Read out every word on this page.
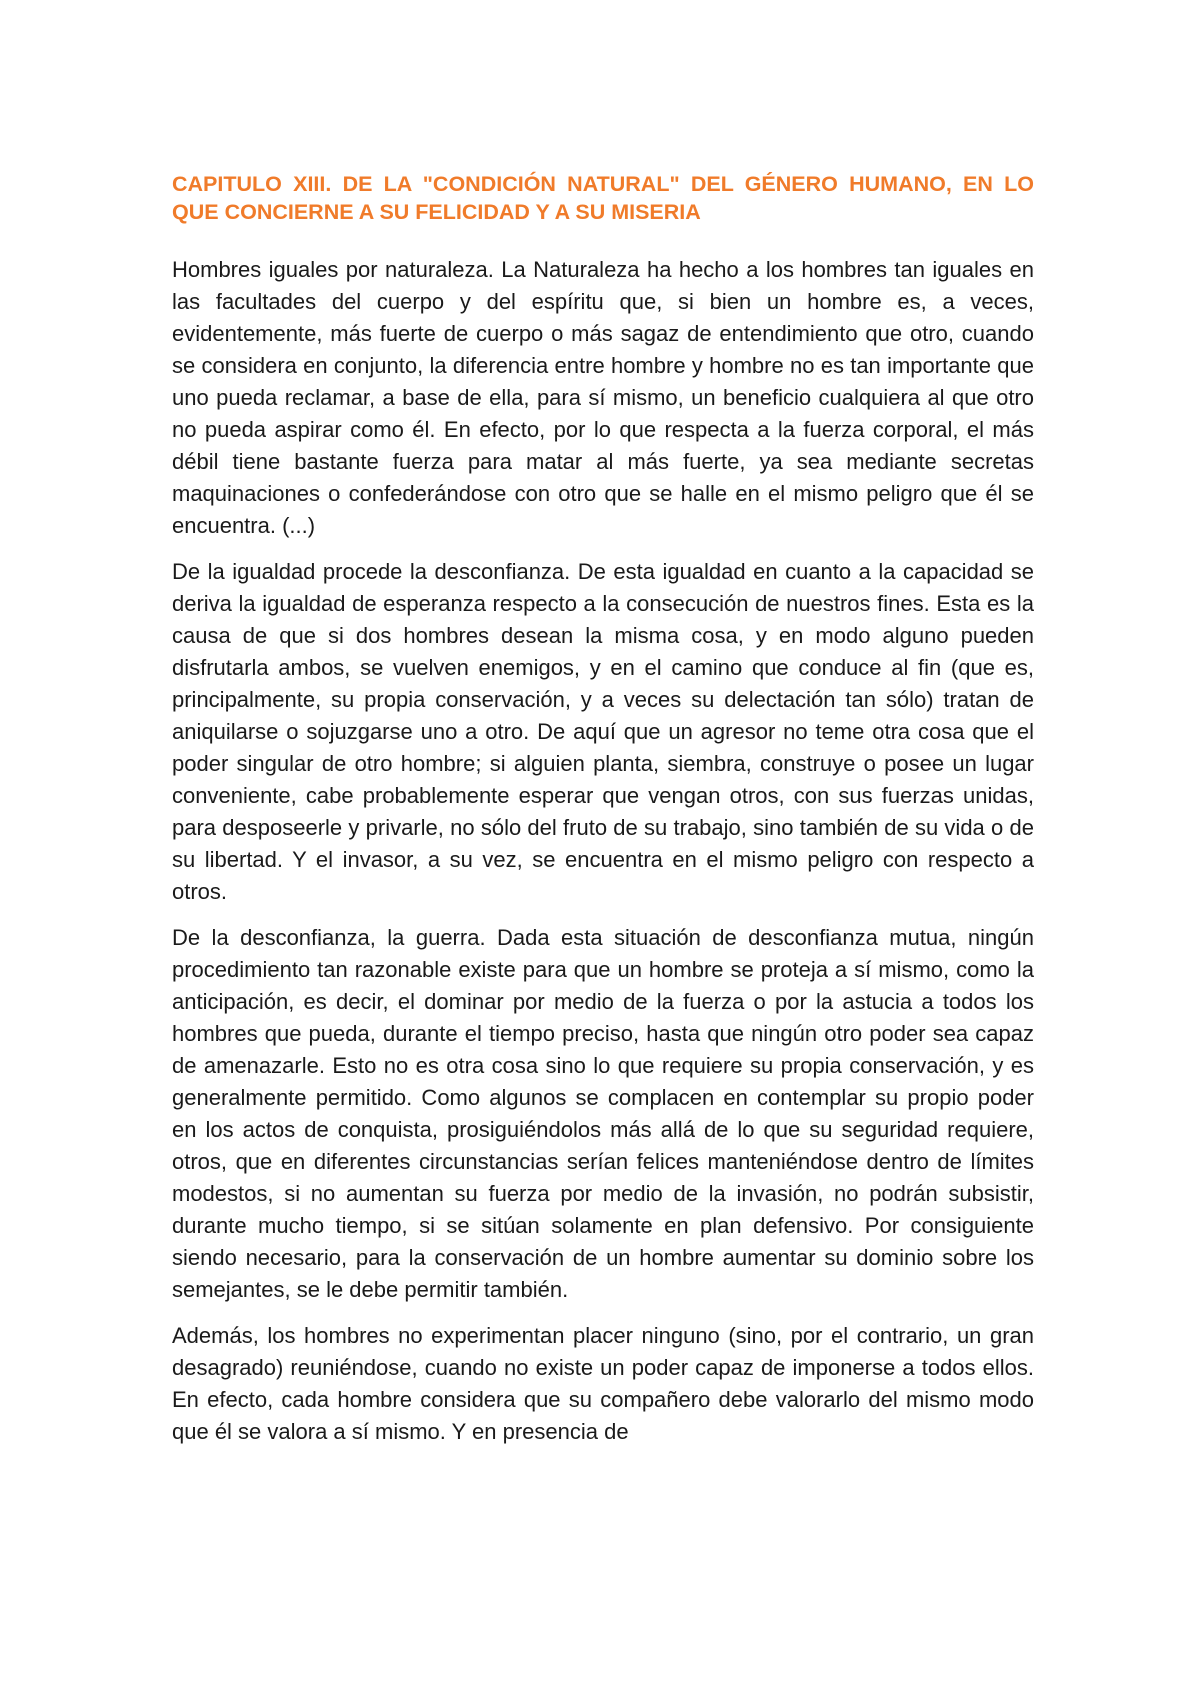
CAPITULO XIII. DE LA "CONDICIÓN NATURAL" DEL GÉNERO HUMANO, EN LO QUE CONCIERNE A SU FELICIDAD Y A SU MISERIA

Hombres iguales por naturaleza. La Naturaleza ha hecho a los hombres tan iguales en las facultades del cuerpo y del espíritu que, si bien un hombre es, a veces, evidentemente, más fuerte de cuerpo o más sagaz de entendimiento que otro, cuando se considera en conjunto, la diferencia entre hombre y hombre no es tan importante que uno pueda reclamar, a base de ella, para sí mismo, un beneficio cualquiera al que otro no pueda aspirar como él. En efecto, por lo que respecta a la fuerza corporal, el más débil tiene bastante fuerza para matar al más fuerte, ya sea mediante secretas maquinaciones o confederándose con otro que se halle en el mismo peligro que él se encuentra. (...)

De la igualdad procede la desconfianza. De esta igualdad en cuanto a la capacidad se deriva la igualdad de esperanza respecto a la consecución de nuestros fines. Esta es la causa de que si dos hombres desean la misma cosa, y en modo alguno pueden disfrutarla ambos, se vuelven enemigos, y en el camino que conduce al fin (que es, principalmente, su propia conservación, y a veces su delectación tan sólo) tratan de aniquilarse o sojuzgarse uno a otro. De aquí que un agresor no teme otra cosa que el poder singular de otro hombre; si alguien planta, siembra, construye o posee un lugar conveniente, cabe probablemente esperar que vengan otros, con sus fuerzas unidas, para desposeerle y privarle, no sólo del fruto de su trabajo, sino también de su vida o de su libertad. Y el invasor, a su vez, se encuentra en el mismo peligro con respecto a otros.

De la desconfianza, la guerra. Dada esta situación de desconfianza mutua, ningún procedimiento tan razonable existe para que un hombre se proteja a sí mismo, como la anticipación, es decir, el dominar por medio de la fuerza o por la astucia a todos los hombres que pueda, durante el tiempo preciso, hasta que ningún otro poder sea capaz de amenazarle. Esto no es otra cosa sino lo que requiere su propia conservación, y es generalmente permitido. Como algunos se complacen en contemplar su propio poder en los actos de conquista, prosiguiéndolos más allá de lo que su seguridad requiere, otros, que en diferentes circunstancias serían felices manteniéndose dentro de límites modestos, si no aumentan su fuerza por medio de la invasión, no podrán subsistir, durante mucho tiempo, si se sitúan solamente en plan defensivo. Por consiguiente siendo necesario, para la conservación de un hombre aumentar su dominio sobre los semejantes, se le debe permitir también.

Además, los hombres no experimentan placer ninguno (sino, por el contrario, un gran desagrado) reuniéndose, cuando no existe un poder capaz de imponerse a todos ellos. En efecto, cada hombre considera que su compañero debe valorarlo del mismo modo que él se valora a sí mismo. Y en presencia de
